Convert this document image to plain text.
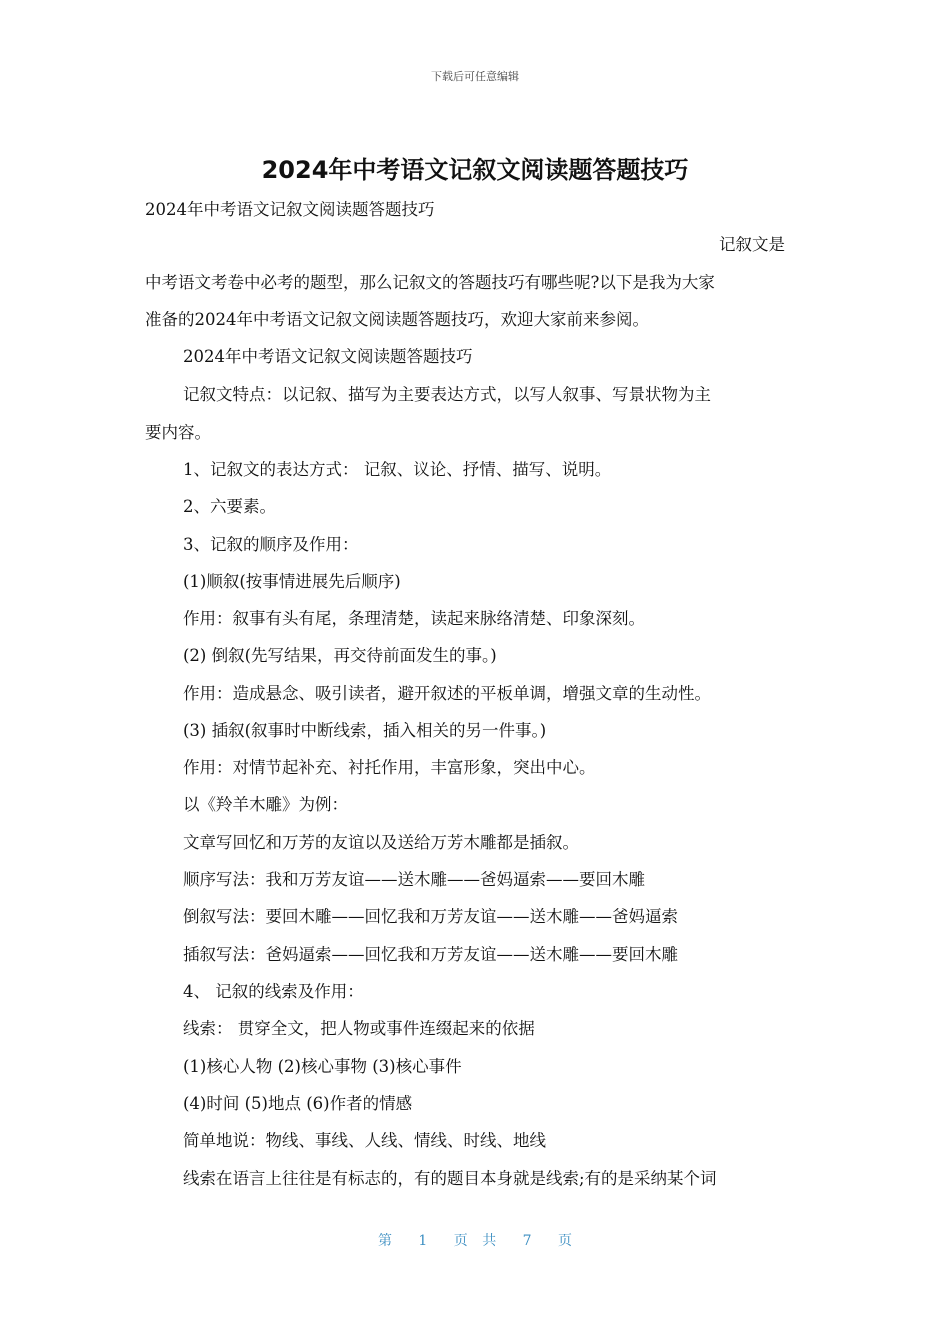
下载后可任意编辑
2024年中考语文记叙文阅读题答题技巧
2024年中考语文记叙文阅读题答题技巧
记叙文是
中考语文考卷中必考的题型，那么记叙文的答题技巧有哪些呢?以下是我为大家
准备的2024年中考语文记叙文阅读题答题技巧，欢迎大家前来参阅。
2024年中考语文记叙文阅读题答题技巧
记叙文特点：以记叙、描写为主要表达方式，以写人叙事、写景状物为主
要内容。
1、记叙文的表达方式： 记叙、议论、抒情、描写、说明。
2、六要素。
3、记叙的顺序及作用：
(1)顺叙(按事情进展先后顺序)
作用：叙事有头有尾，条理清楚，读起来脉络清楚、印象深刻。
(2) 倒叙(先写结果，再交待前面发生的事。)
作用：造成悬念、吸引读者，避开叙述的平板单调，增强文章的生动性。
(3) 插叙(叙事时中断线索，插入相关的另一件事。)
作用：对情节起补充、衬托作用，丰富形象，突出中心。
以《羚羊木雕》为例：
文章写回忆和万芳的友谊以及送给万芳木雕都是插叙。
顺序写法：我和万芳友谊——送木雕——爸妈逼索——要回木雕
倒叙写法：要回木雕——回忆我和万芳友谊——送木雕——爸妈逼索
插叙写法：爸妈逼索——回忆我和万芳友谊——送木雕——要回木雕
4、 记叙的线索及作用：
线索： 贯穿全文，把人物或事件连缀起来的依据
(1)核心人物 (2)核心事物 (3)核心事件
(4)时间 (5)地点 (6)作者的情感
简单地说：物线、事线、人线、情线、时线、地线
线索在语言上往往是有标志的，有的题目本身就是线索;有的是采纳某个词
第 1 页 共 7 页
